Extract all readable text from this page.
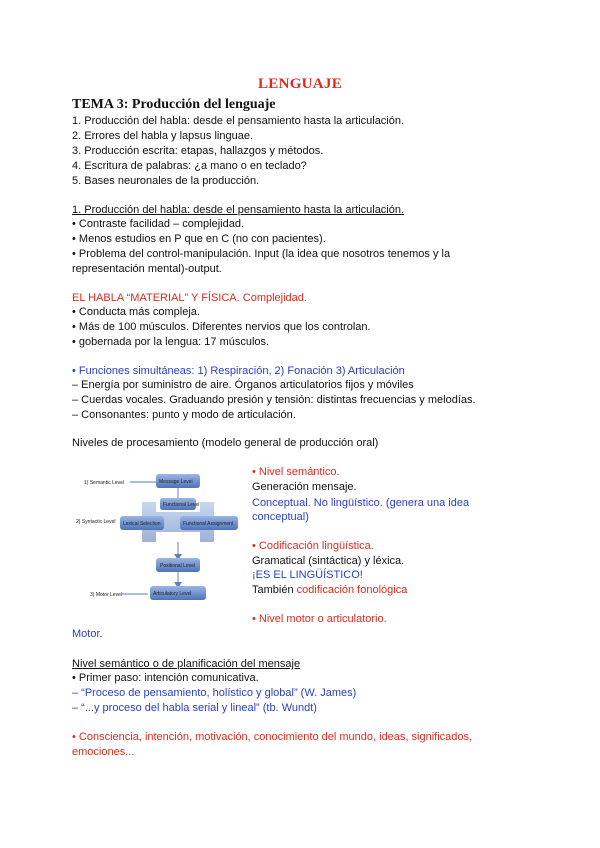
LENGUAJE
TEMA 3: Producción del lenguaje
1. Producción del habla: desde el pensamiento hasta la articulación.
2. Errores del habla y lapsus linguae.
3. Producción escrita: etapas, hallazgos y métodos.
4. Escritura de palabras: ¿a mano o en teclado?
5. Bases neuronales de la producción.
1. Producción del habla: desde el pensamiento hasta la articulación.
• Contraste facilidad – complejidad.
• Menos estudios en P que en C (no con pacientes).
• Problema del control-manipulación. Input (la idea que nosotros tenemos y la
representación mental)-output.
EL HABLA “MATERIAL” Y FÍSICA. Complejidad.
• Conducta más compleja.
• Más de 100 músculos. Diferentes nervios que los controlan.
• gobernada por la lengua: 17 músculos.
• Funciones simultáneas: 1) Respiración, 2) Fonación 3) Articulación
– Energía por suministro de aire. Órganos articulatorios fijos y móviles
– Cuerdas vocales. Graduando presión y tensión: distintas frecuencias y melodías.
– Consonantes: punto y modo de articulación.
Niveles de procesamiento (modelo general de producción oral)
1) Semantic Level
2) Syntactic Level
3) Motor Level
Message Level
Functional Level
Lexical Selection	Functional Assignment
Positional Level
Articulatory Level
• Nivel semántico.
Generación mensaje.
Conceptual. No lingüístico. (genera una idea
conceptual)
• Codificación lingüística.
Gramatical (sintáctica) y léxica.
¡ES EL LINGÜÍSTICO!
También codificación fonológica
• Nivel motor o articulatorio.
Motor.
Nivel semántico o de planificación del mensaje
• Primer paso: intención comunicativa.
– “Proceso de pensamiento, holístico y global” (W. James)
– “...y proceso del habla serial y lineal” (tb. Wundt)
• Consciencia, intención, motivación, conocimiento del mundo, ideas, significados,
emociones...
